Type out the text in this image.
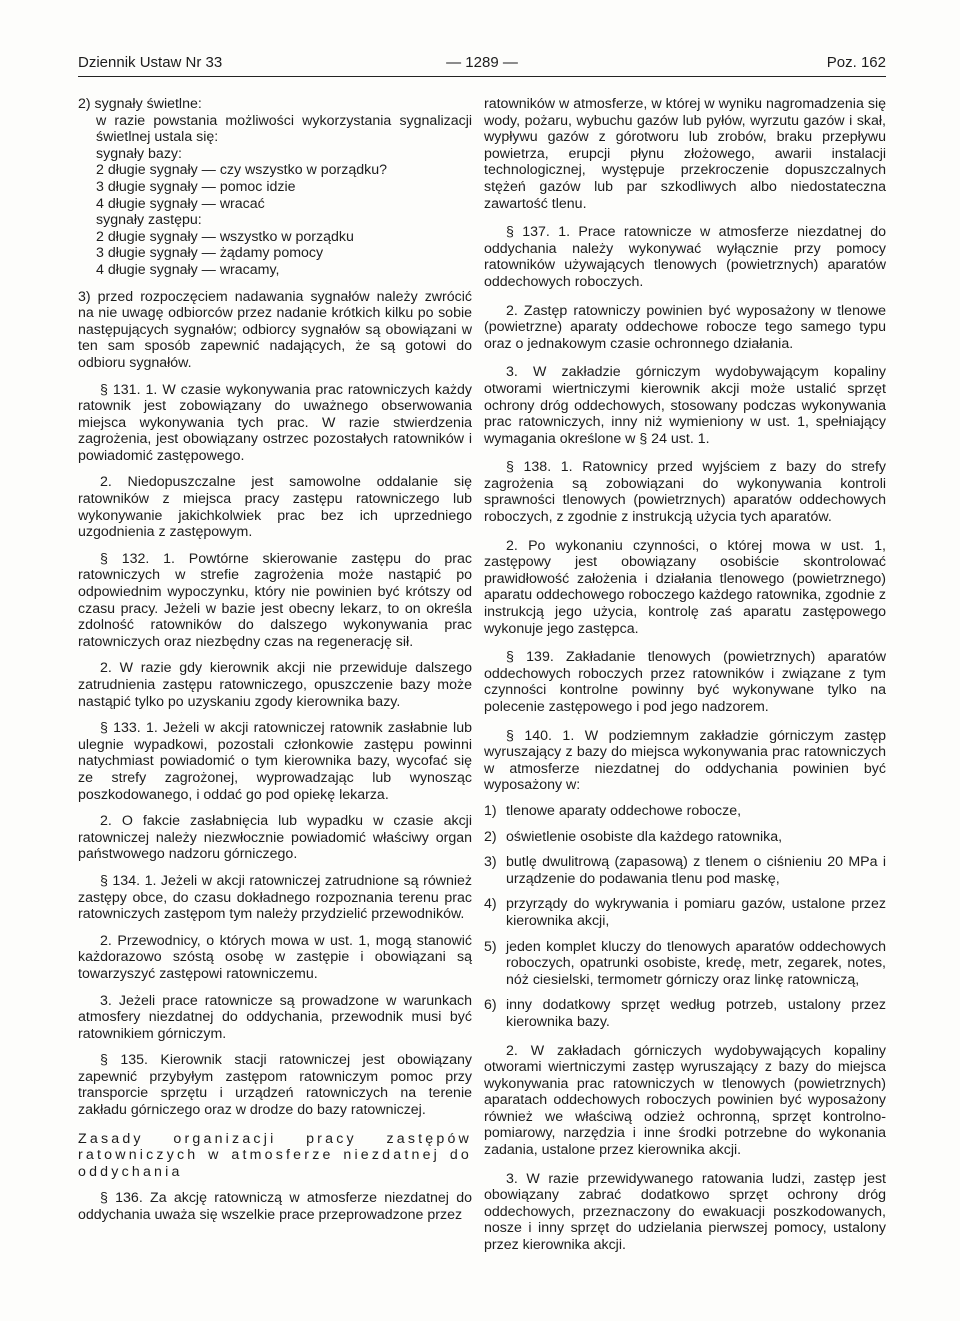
Dziennik Ustaw Nr 33	— 1289 —	Poz. 162

2) sygnały świetlne:

w razie powstania możliwości wykorzystania sygnalizacji świetlnej ustala się:

sygnały bazy:

2 długie sygnały — czy wszystko w porządku?
3 długie sygnały — pomoc idzie
4 długie sygnały — wracać

sygnały zastępu:

2 długie sygnały — wszystko w porządku
3 długie sygnały — żądamy pomocy
4 długie sygnały — wracamy,

3) przed rozpoczęciem nadawania sygnałów należy zwrócić na nie uwagę odbiorców przez nadanie krótkich kilku po sobie następujących sygnałów; odbiorcy sygnałów są obowiązani w ten sam sposób zapewnić nadających, że są gotowi do odbioru sygnałów.

§ 131. 1. W czasie wykonywania prac ratowniczych każdy ratownik jest zobowiązany do uważnego obserwowania miejsca wykonywania tych prac. W razie stwierdzenia zagrożenia, jest obowiązany ostrzec pozostałych ratowników i powiadomić zastępowego.

2. Niedopuszczalne jest samowolne oddalanie się ratowników z miejsca pracy zastępu ratowniczego lub wykonywanie jakichkolwiek prac bez ich uprzedniego uzgodnienia z zastępowym.

§ 132. 1. Powtórne skierowanie zastępu do prac ratowniczych w strefie zagrożenia może nastąpić po odpowiednim wypoczynku, który nie powinien być krótszy od czasu pracy. Jeżeli w bazie jest obecny lekarz, to on określa zdolność ratowników do dalszego wykonywania prac ratowniczych oraz niezbędny czas na regenerację sił.

2. W razie gdy kierownik akcji nie przewiduje dalszego zatrudnienia zastępu ratowniczego, opuszczenie bazy może nastąpić tylko po uzyskaniu zgody kierownika bazy.

§ 133. 1. Jeżeli w akcji ratowniczej ratownik zasłabnie lub ulegnie wypadkowi, pozostali członkowie zastępu powinni natychmiast powiadomić o tym kierownika bazy, wycofać się ze strefy zagrożonej, wyprowadzając lub wynosząc poszkodowanego, i oddać go pod opiekę lekarza.

2. O fakcie zasłabnięcia lub wypadku w czasie akcji ratowniczej należy niezwłocznie powiadomić właściwy organ państwowego nadzoru górniczego.

§ 134. 1. Jeżeli w akcji ratowniczej zatrudnione są również zastępy obce, do czasu dokładnego rozpoznania terenu prac ratowniczych zastępom tym należy przydzielić przewodników.

2. Przewodnicy, o których mowa w ust. 1, mogą stanowić każdorazowo szóstą osobę w zastępie i obowiązani są towarzyszyć zastępowi ratowniczemu.

3. Jeżeli prace ratownicze są prowadzone w warunkach atmosfery niezdatnej do oddychania, przewodnik musi być ratownikiem górniczym.

§ 135. Kierownik stacji ratowniczej jest obowiązany zapewnić przybyłym zastępom ratowniczym pomoc przy transporcie sprzętu i urządzeń ratowniczych na terenie zakładu górniczego oraz w drodze do bazy ratowniczej.

Zasady organizacji pracy zastępów ratowniczych w atmosferze niezdatnej do oddychania

§ 136. Za akcję ratowniczą w atmosferze niezdatnej do oddychania uważa się wszelkie prace przeprowadzone przez

ratowników w atmosferze, w której w wyniku nagromadzenia się wody, pożaru, wybuchu gazów lub pyłów, wyrzutu gazów i skał, wypływu gazów z górotworu lub zrobów, braku przepływu powietrza, erupcji płynu złożowego, awarii instalacji technologicznej, występuje przekroczenie dopuszczalnych stężeń gazów lub par szkodliwych albo niedostateczna zawartość tlenu.

§ 137. 1. Prace ratownicze w atmosferze niezdatnej do oddychania należy wykonywać wyłącznie przy pomocy ratowników używających tlenowych (powietrznych) aparatów oddechowych roboczych.

2. Zastęp ratowniczy powinien być wyposażony w tlenowe (powietrzne) aparaty oddechowe robocze tego samego typu oraz o jednakowym czasie ochronnego działania.

3. W zakładzie górniczym wydobywającym kopaliny otworami wiertniczymi kierownik akcji może ustalić sprzęt ochrony dróg oddechowych, stosowany podczas wykonywania prac ratowniczych, inny niż wymieniony w ust. 1, spełniający wymagania określone w § 24 ust. 1.

§ 138. 1. Ratownicy przed wyjściem z bazy do strefy zagrożenia są zobowiązani do wykonywania kontroli sprawności tlenowych (powietrznych) aparatów oddechowych roboczych, z zgodnie z instrukcją użycia tych aparatów.

2. Po wykonaniu czynności, o której mowa w ust. 1, zastępowy jest obowiązany osobiście skontrolować prawidłowość założenia i działania tlenowego (powietrznego) aparatu oddechowego roboczego każdego ratownika, zgodnie z instrukcją jego użycia, kontrolę zaś aparatu zastępowego wykonuje jego zastępca.

§ 139. Zakładanie tlenowych (powietrznych) aparatów oddechowych roboczych przez ratowników i związane z tym czynności kontrolne powinny być wykonywane tylko na polecenie zastępowego i pod jego nadzorem.

§ 140. 1. W podziemnym zakładzie górniczym zastęp wyruszający z bazy do miejsca wykonywania prac ratowniczych w atmosferze niezdatnej do oddychania powinien być wyposażony w:

1) tlenowe aparaty oddechowe robocze,
2) oświetlenie osobiste dla każdego ratownika,
3) butlę dwulitrową (zapasową) z tlenem o ciśnieniu 20 MPa i urządzenie do podawania tlenu pod maskę,
4) przyrządy do wykrywania i pomiaru gazów, ustalone przez kierownika akcji,
5) jeden komplet kluczy do tlenowych aparatów oddechowych roboczych, opatrunki osobiste, kredę, metr, zegarek, notes, nóż ciesielski, termometr górniczy oraz linkę ratowniczą,
6) inny dodatkowy sprzęt według potrzeb, ustalony przez kierownika bazy.

2. W zakładach górniczych wydobywających kopaliny otworami wiertniczymi zastęp wyruszający z bazy do miejsca wykonywania prac ratowniczych w tlenowych (powietrznych) aparatach oddechowych roboczych powinien być wyposażony również we właściwą odzież ochronną, sprzęt kontrolno-pomiarowy, narzędzia i inne środki potrzebne do wykonania zadania, ustalone przez kierownika akcji.

3. W razie przewidywanego ratowania ludzi, zastęp jest obowiązany zabrać dodatkowo sprzęt ochrony dróg oddechowych, przeznaczony do ewakuacji poszkodowanych, nosze i inny sprzęt do udzielania pierwszej pomocy, ustalony przez kierownika akcji.
